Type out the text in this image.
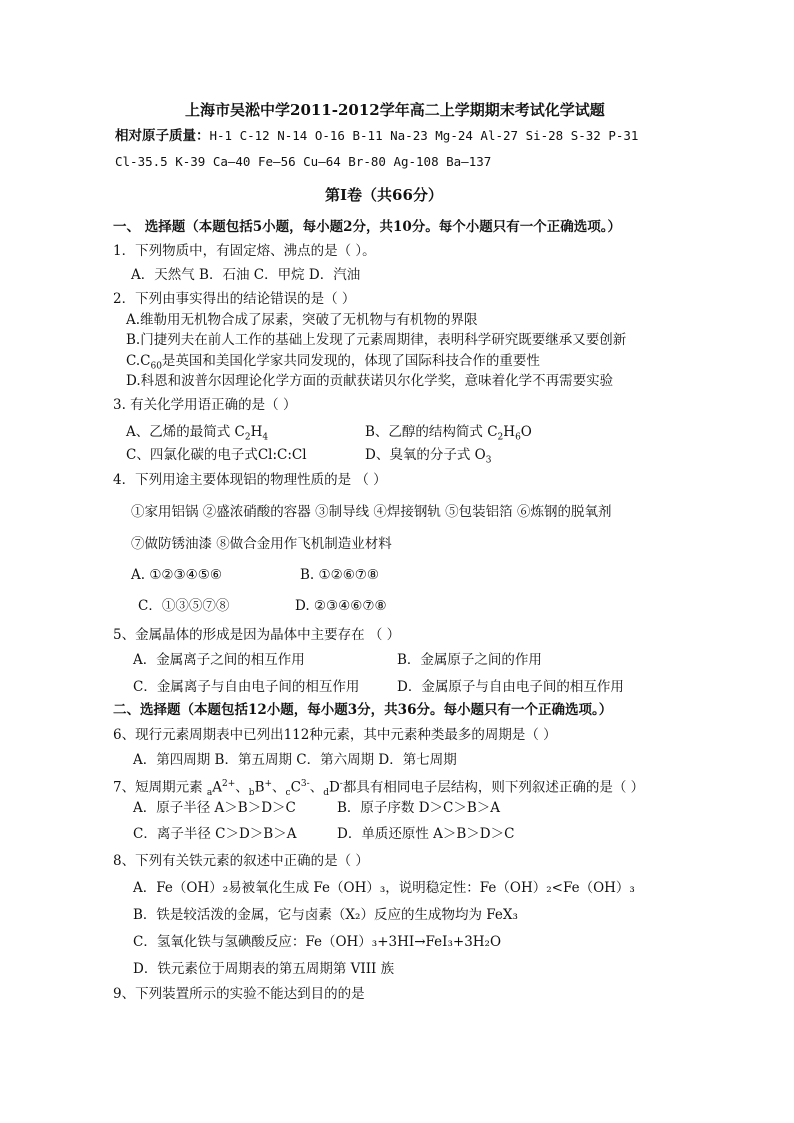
上海市吴淞中学2011-2012学年高二上学期期末考试化学试题
相对原子质量：H-1 C-12 N-14 O-16 B-11 Na-23 Mg-24 Al-27 Si-28 S-32 P-31
Cl-35.5 K-39 Ca—40 Fe—56 Cu—64 Br-80 Ag-108 Ba—137
第Ⅰ卷（共66分）
一、 选择题（本题包括5小题，每小题2分，共10分。每个小题只有一个正确选项。）
1．下列物质中，有固定熔、沸点的是（ ）。
A．天然气 B．石油 C．甲烷 D．汽油
2．下列由事实得出的结论错误的是（ ）
A.维勒用无机物合成了尿素，突破了无机物与有机物的界限
B.门捷列夫在前人工作的基础上发现了元素周期律，表明科学研究既要继承又要创新
$C.C_{60}$是英国和美国化学家共同发现的，体现了国际科技合作的重要性
D.科恩和波普尔因理论化学方面的贡献获诺贝尔化学奖，意味着化学不再需要实验
3. 有关化学用语正确的是（ ）
A、乙烯的最简式 $C_2H_4$	B、乙醇的结构简式 $C_2H_6O$
C、四氯化碳的电子式Cl:C:Cl	D、臭氧的分子式 $O_3$
4．下列用途主要体现铝的物理性质的是 （ ）
①家用铝锅 ②盛浓硝酸的容器 ③制导线 ④焊接钢轨 ⑤包装铝箔 ⑥炼钢的脱氧剂
⑦做防锈油漆 ⑧做合金用作飞机制造业材料
A. ①②③④⑤⑥	B. ①②⑥⑦⑧
C．①③⑤⑦⑧	D. ②③④⑥⑦⑧
5、金属晶体的形成是因为晶体中主要存在 （ ）
A．金属离子之间的相互作用	B．金属原子之间的作用
C．金属离子与自由电子间的相互作用	D．金属原子与自由电子间的相互作用
二、选择题（本题包括12小题，每小题3分，共36分。每小题只有一个正确选项。）
6、现行元素周期表中已列出112种元素，其中元素种类最多的周期是（ ）
A．第四周期 B．第五周期 C．第六周期 D．第七周期
7、短周期元素 $_aA^{2+}$、$_b$B+、$_cC^{3-}$、$_d$D-都具有相同电子层结构，则下列叙述正确的是（ ）
A．原子半径 A＞B＞D＞C	B．原子序数 D＞C＞B＞A
C．离子半径 C＞D＞B＞A	D．单质还原性 A＞B＞D＞C
8、下列有关铁元素的叙述中正确的是（ ）
A．Fe（OH）₂易被氧化生成 Fe（OH）₃，说明稳定性：Fe（OH）₂<Fe（OH）₃
B．铁是较活泼的金属，它与卤素（X₂）反应的生成物均为 FeX₃
C．氢氧化铁与氢碘酸反应：Fe（OH）₃+3HI→FeI₃+3H₂O
D．铁元素位于周期表的第五周期第 VIII 族
9、下列装置所示的实验不能达到目的的是
